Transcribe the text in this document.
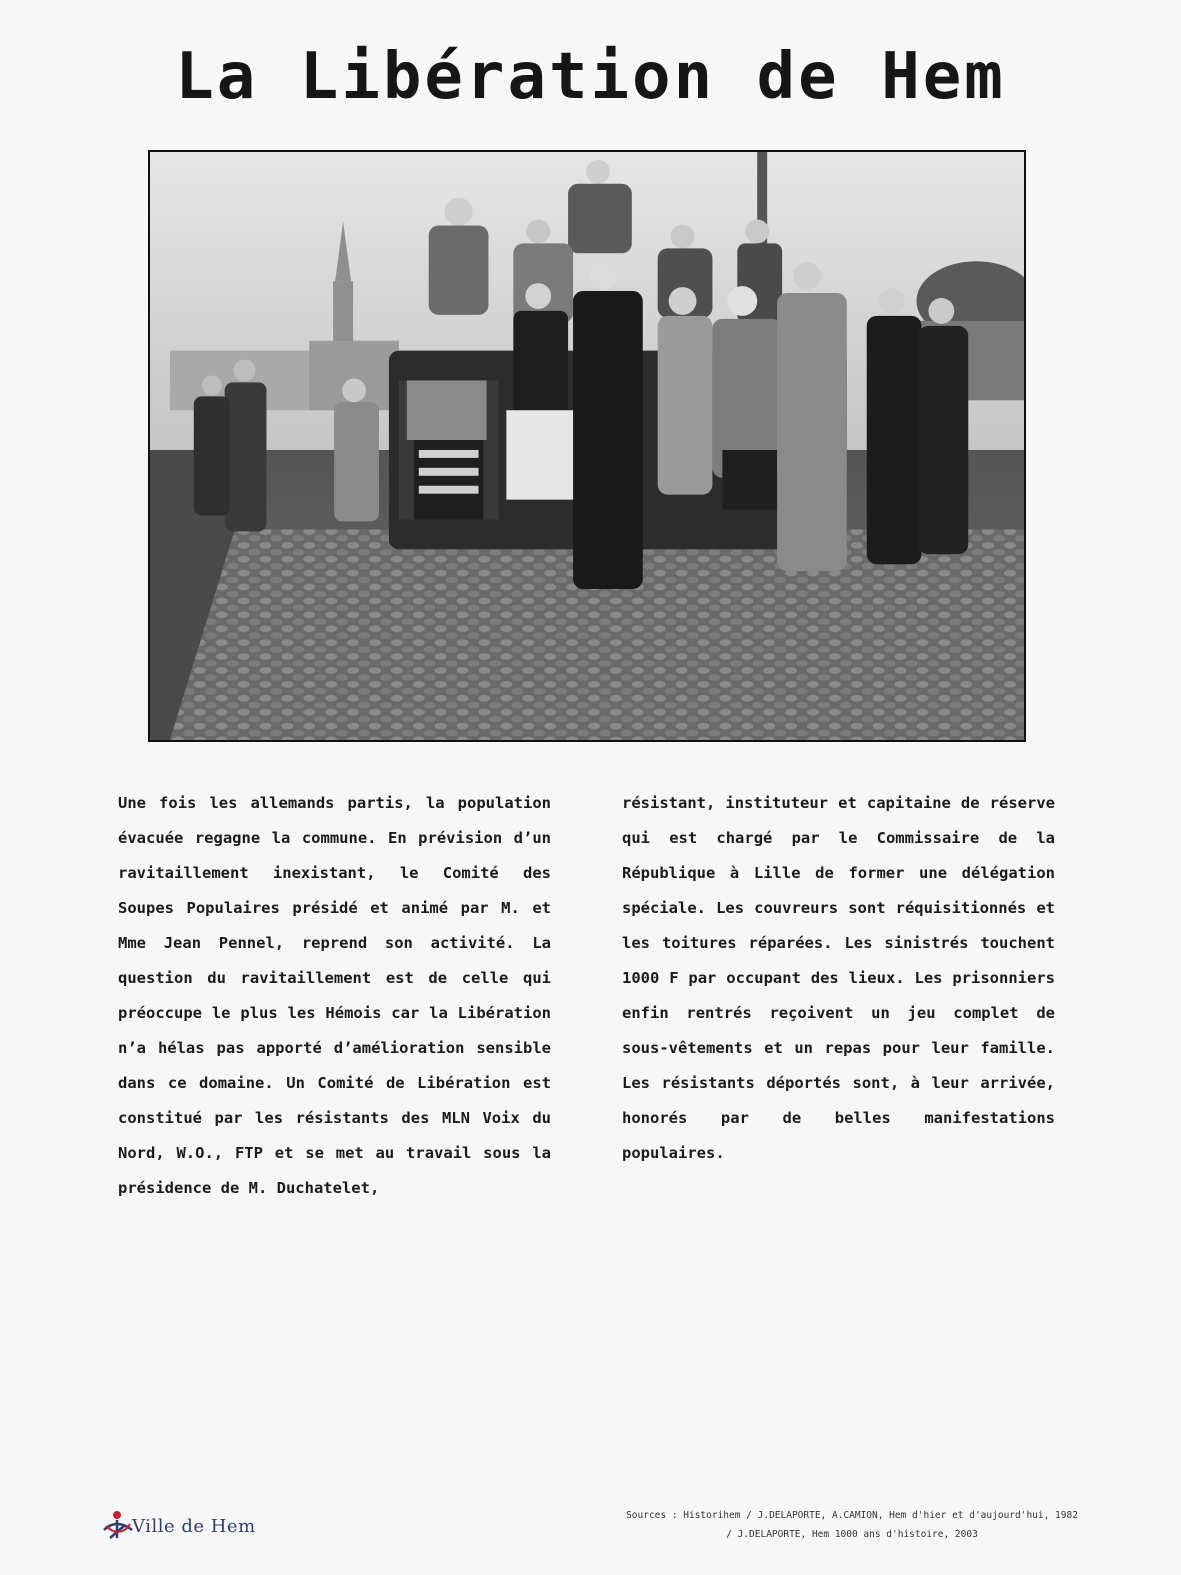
La Libération de Hem
Une fois les allemands partis, la population évacuée regagne la commune. En prévision d’un ravitaillement inexistant, le Comité des Soupes Populaires présidé et animé par M. et Mme Jean Pennel, reprend son activité. La question du ravitaillement est de celle qui préoccupe le plus les Hémois car la Libération n’a hélas pas apporté d’amélioration sensible dans ce domaine. Un Comité de Libération est constitué par les résistants des MLN Voix du Nord, W.O., FTP et se met au travail sous la présidence de M. Duchatelet,
résistant, instituteur et capitaine de réserve qui est chargé par le Commissaire de la République à Lille de former une délégation spéciale. Les couvreurs sont réquisitionnés et les toitures réparées. Les sinistrés touchent 1000 F par occupant des lieux. Les prisonniers enfin rentrés reçoivent un jeu complet de sous-vêtements et un repas pour leur famille. Les résistants déportés sont, à leur arrivée, honorés par de belles manifestations populaires.
Ville de Hem	Sources : Historihem / J.DELAPORTE, A.CAMION, Hem d'hier et d'aujourd'hui, 1982
/ J.DELAPORTE, Hem 1000 ans d'histoire, 2003
